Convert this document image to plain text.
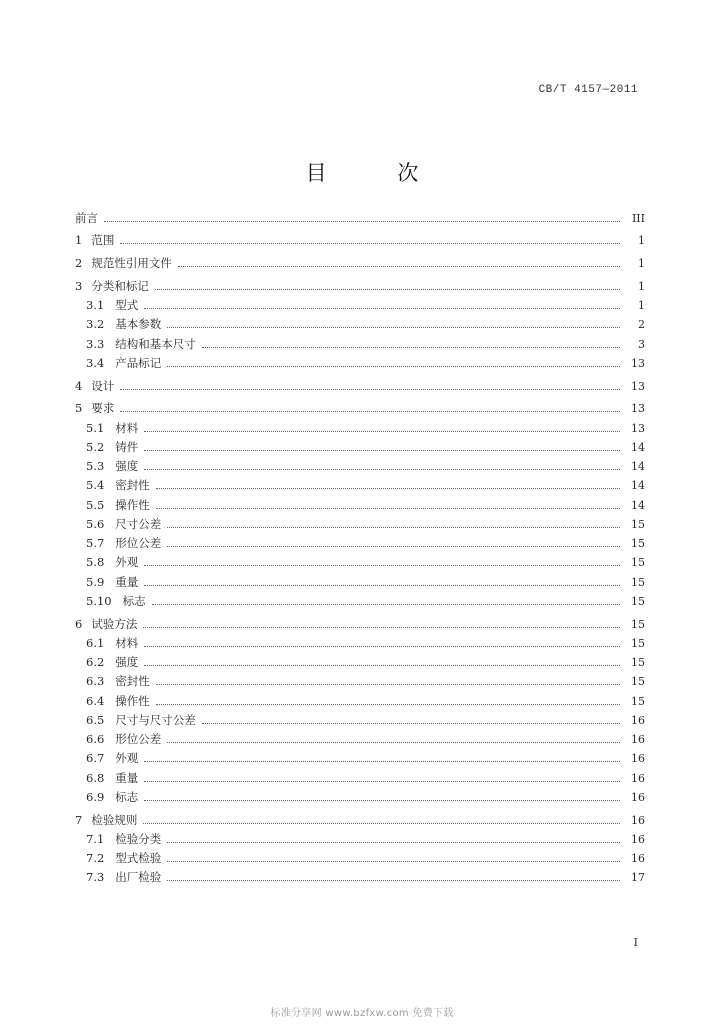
CB/T 4157—2011
目 次
前言	III
1 范围	1
2 规范性引用文件	1
3 分类和标记	1
3.1 型式	1
3.2 基本参数	2
3.3 结构和基本尺寸	3
3.4 产品标记	13
4 设计	13
5 要求	13
5.1 材料	13
5.2 铸件	14
5.3 强度	14
5.4 密封性	14
5.5 操作性	14
5.6 尺寸公差	15
5.7 形位公差	15
5.8 外观	15
5.9 重量	15
5.10 标志	15
6 试验方法	15
6.1 材料	15
6.2 强度	15
6.3 密封性	15
6.4 操作性	15
6.5 尺寸与尺寸公差	16
6.6 形位公差	16
6.7 外观	16
6.8 重量	16
6.9 标志	16
7 检验规则	16
7.1 检验分类	16
7.2 型式检验	16
7.3 出厂检验	17
I
标准分享网 www.bzfxw.com 免费下载
